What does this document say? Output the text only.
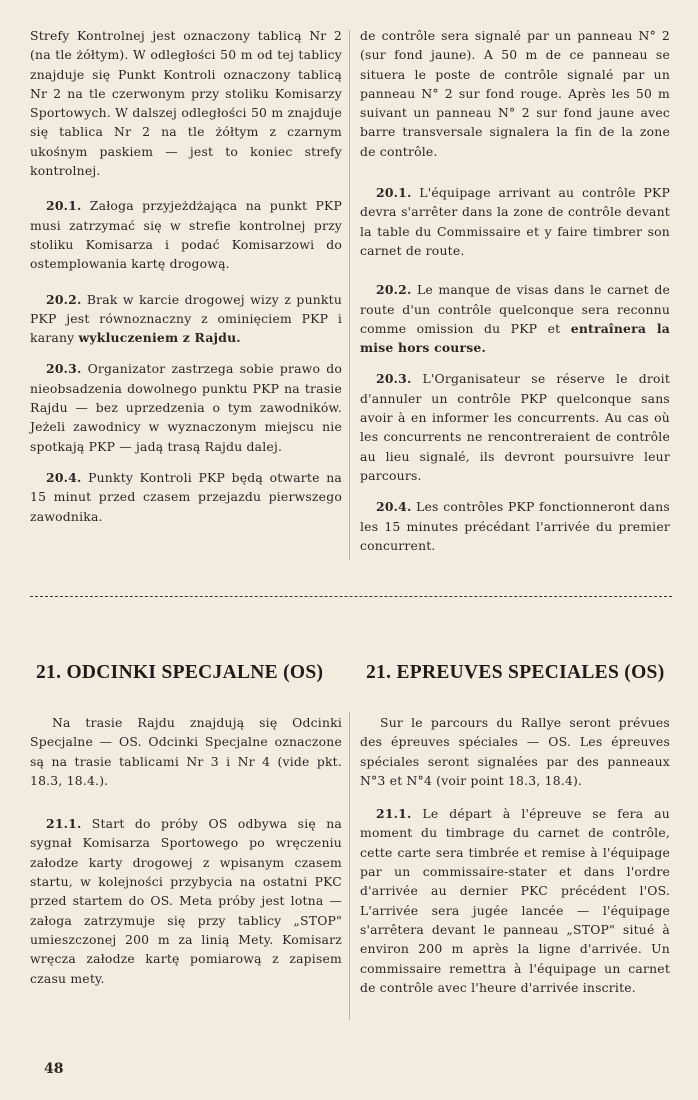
Strefy Kontrolnej jest oznaczony tablicą Nr 2 (na tle żółtym). W odległości 50 m od tej tablicy znajduje się Punkt Kontroli oznaczony tablicą Nr 2 na tle czerwonym przy stoliku Komisarzy Sportowych. W dalszej odległości 50 m znajduje się tablica Nr 2 na tle żółtym z czarnym ukośnym paskiem — jest to koniec strefy kontrolnej.

20.1. Załoga przyjeżdżająca na punkt PKP musi zatrzymać się w strefie kontrolnej przy stoliku Komisarza i podać Komisarzowi do ostemplowania kartę drogową.

20.2. Brak w karcie drogowej wizy z punktu PKP jest równoznaczny z ominięciem PKP i karany wykluczeniem z Rajdu.

20.3. Organizator zastrzega sobie prawo do nieobsadzenia dowolnego punktu PKP na trasie Rajdu — bez uprzedzenia o tym zawodników. Jeżeli zawodnicy w wyznaczonym miejscu nie spotkają PKP — jadą trasą Rajdu dalej.

20.4. Punkty Kontroli PKP będą otwarte na 15 minut przed czasem przejazdu pierwszego zawodnika.

de contrôle sera signalé par un panneau N° 2 (sur fond jaune). A 50 m de ce panneau se situera le poste de contrôle signalé par un panneau N° 2 sur fond rouge. Après les 50 m suivant un panneau N° 2 sur fond jaune avec barre transversale signalera la fin de la zone de contrôle.

20.1. L'équipage arrivant au contrôle PKP devra s'arrêter dans la zone de contrôle devant la table du Commissaire et y faire timbrer son carnet de route.

20.2. Le manque de visas dans le carnet de route d'un contrôle quelconque sera reconnu comme omission du PKP et entraînera la mise hors course.

20.3. L'Organisateur se réserve le droit d'annuler un contrôle PKP quelconque sans avoir à en informer les concurrents. Au cas où les concurrents ne rencontreraient de contrôle au lieu signalé, ils devront poursuivre leur parcours.

20.4. Les contrôles PKP fonctionneront dans les 15 minutes précédant l'arrivée du premier concurrent.

21. ODCINKI SPECJALNE (OS) 21. EPREUVES SPECIALES (OS)

Na trasie Rajdu znajdują się Odcinki Specjalne — OS. Odcinki Specjalne oznaczone są na trasie tablicami Nr 3 i Nr 4 (vide pkt. 18.3, 18.4.).

21.1. Start do próby OS odbywa się na sygnał Komisarza Sportowego po wręczeniu załodze karty drogowej z wpisanym czasem startu, w kolejności przybycia na ostatni PKC przed startem do OS. Meta próby jest lotna — załoga zatrzymuje się przy tablicy „STOP" umieszczonej 200 m za linią Mety. Komisarz wręcza załodze kartę pomiarową z zapisem czasu mety.

Sur le parcours du Rallye seront prévues des épreuves spéciales — OS. Les épreuves spéciales seront signalées par des panneaux N°3 et N°4 (voir point 18.3, 18.4).

21.1. Le départ à l'épreuve se fera au moment du timbrage du carnet de contrôle, cette carte sera timbrée et remise à l'équipage par un commissaire-stater et dans l'ordre d'arrivée au dernier PKC précédent l'OS. L'arrivée sera jugée lancée — l'équipage s'arrêtera devant le panneau „STOP" situé à environ 200 m après la ligne d'arrivée. Un commissaire remettra à l'équipage un carnet de contrôle avec l'heure d'arrivée inscrite.

48
